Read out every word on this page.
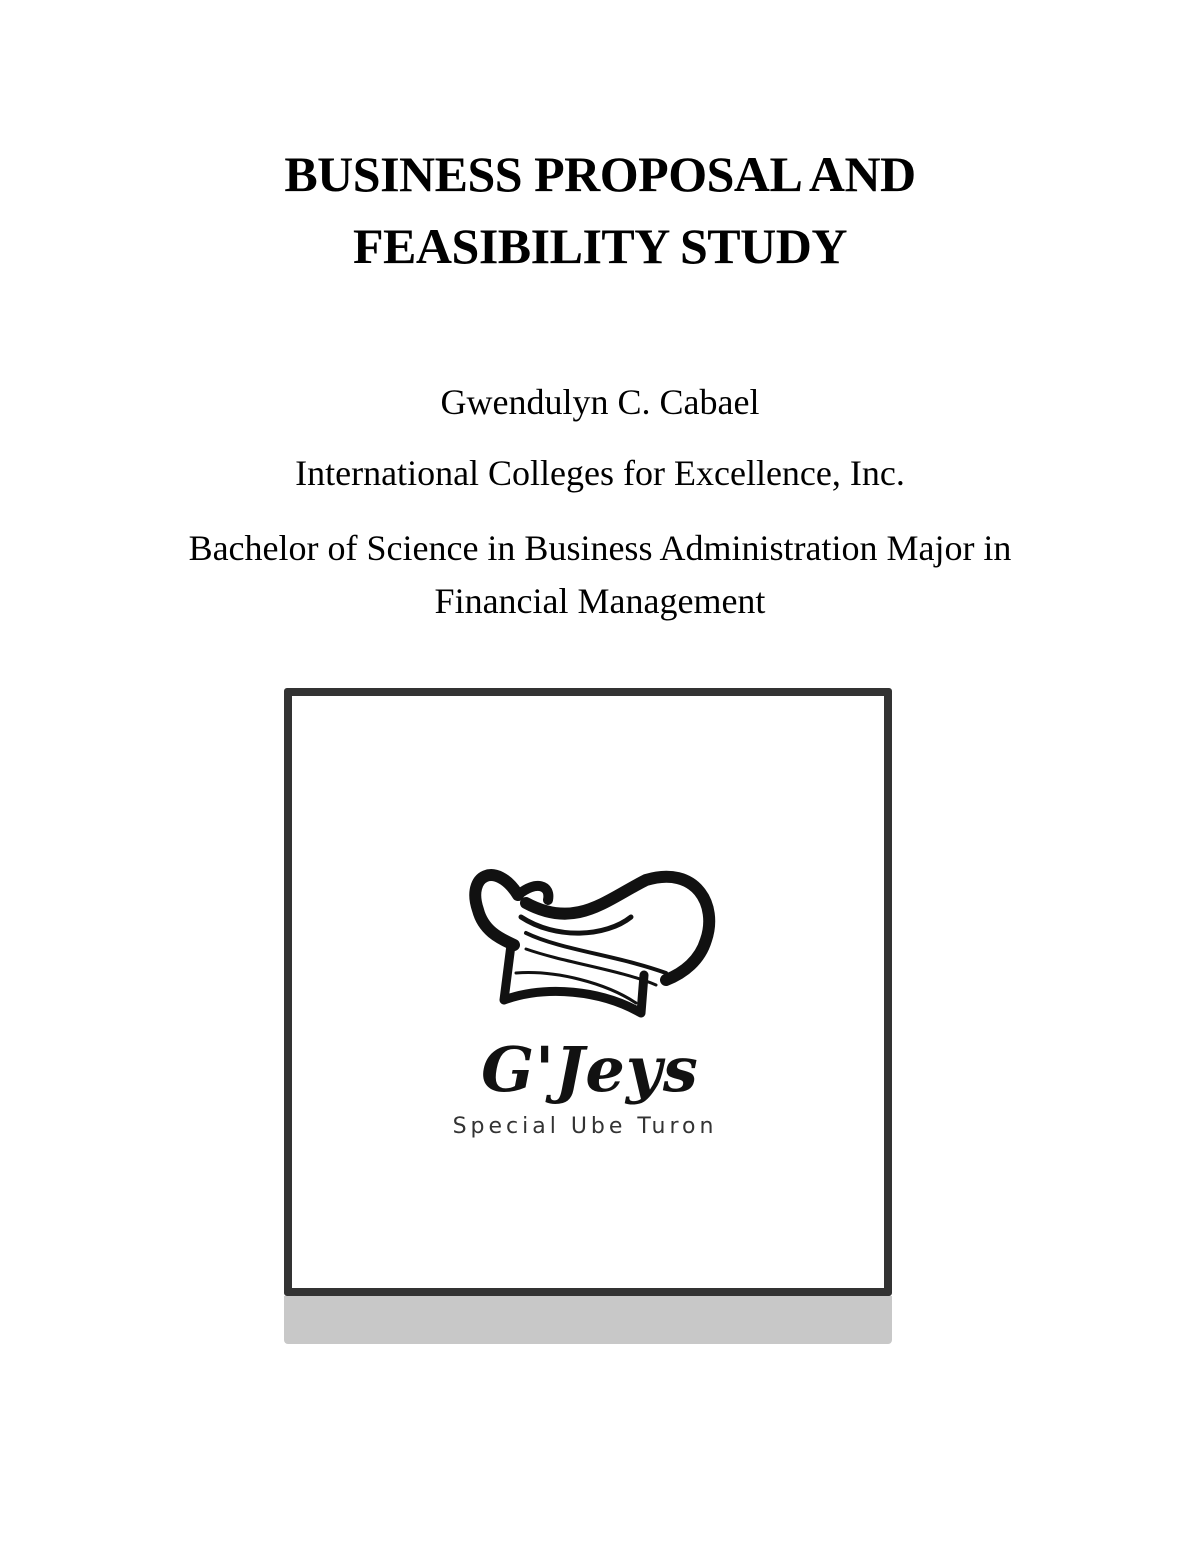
BUSINESS PROPOSAL AND
FEASIBILITY STUDY
Gwendulyn C. Cabael
International Colleges for Excellence, Inc.
Bachelor of Science in Business Administration Major in
Financial Management
G'Jeys
Special Ube Turon
